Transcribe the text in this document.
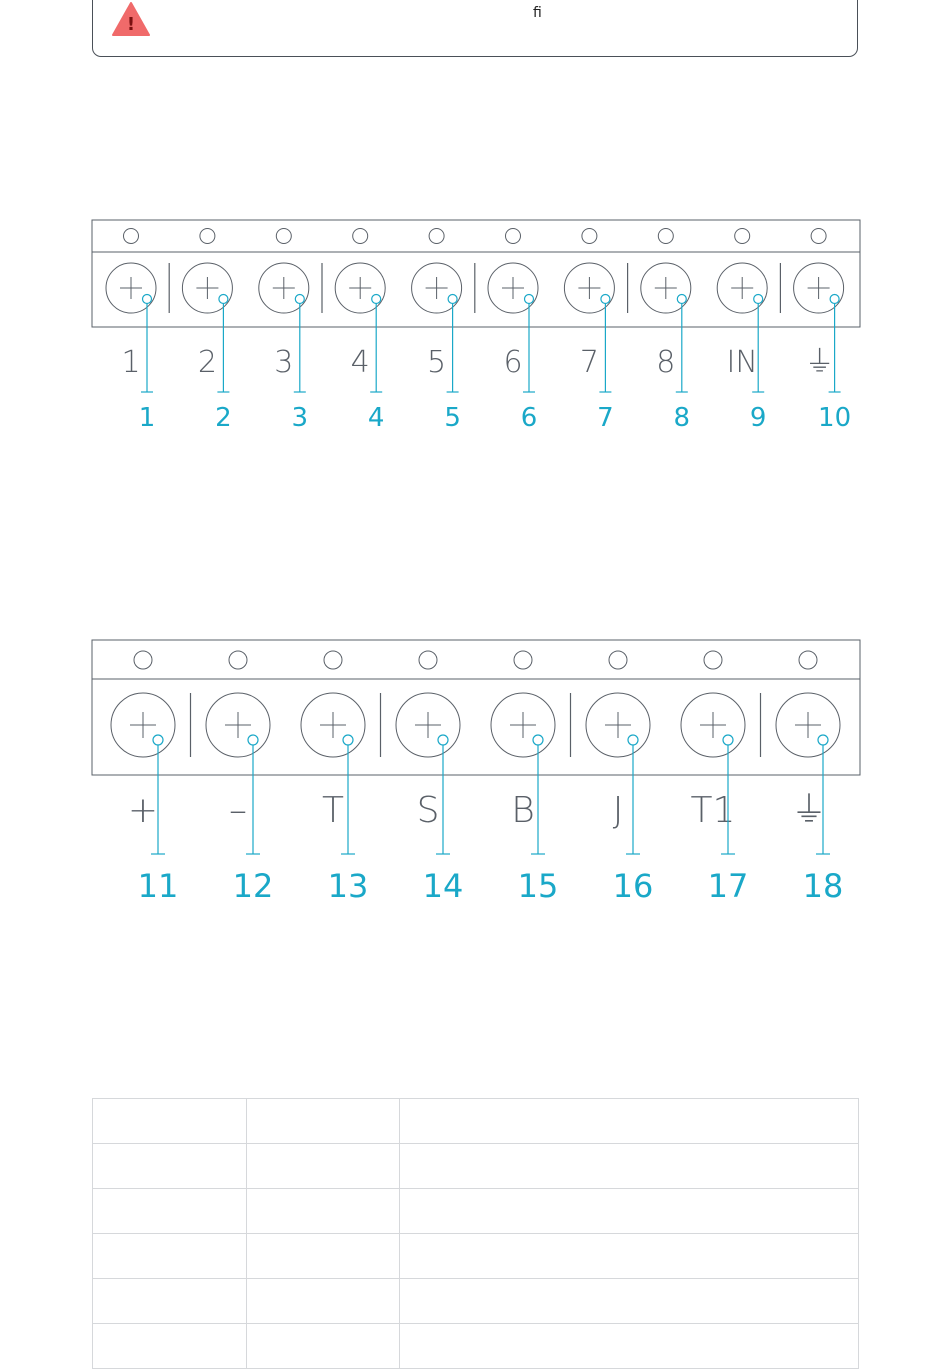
!
ﬁ
1
1
2
2
3
3
4
4
5
5
6
6
7
7
8
8
IN
9
⏚
10
+
11
–
12
T
13
S
14
B
15
J
16
T1
17
⏚
18
